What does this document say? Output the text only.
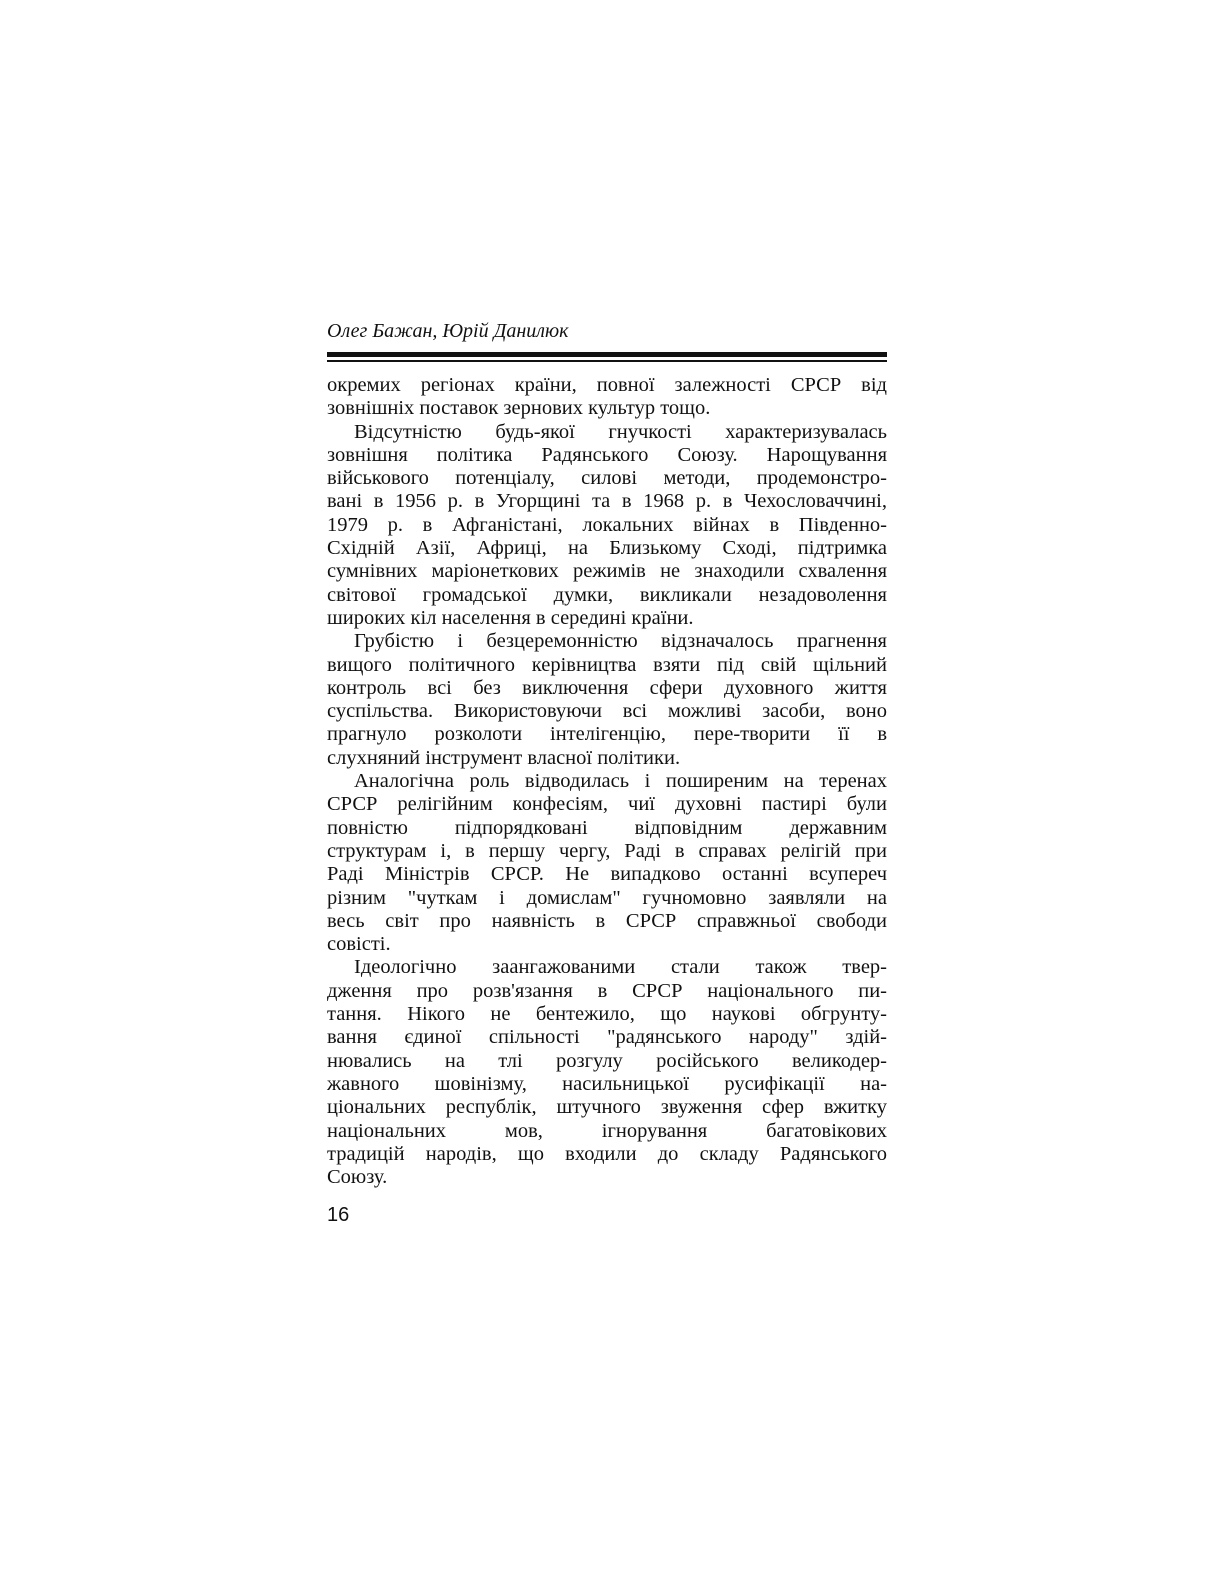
Олег Бажан, Юрій Данилюк

окремих регіонах країни, повної залежності СРСР від

зовнішніх поставок зернових культур тощо.

Відсутністю будь-якої гнучкості характеризувалась

зовнішня політика Радянського Союзу. Нарощування

військового потенціалу, силові методи, продемонстро-

вані в 1956 р. в Угорщині та в 1968 р. в Чехословаччині,

1979 р. в Афганістані, локальних війнах в Південно-

Східній Азії, Африці, на Близькому Сході, підтримка

сумнівних маріонеткових режимів не знаходили схвалення

світової громадської думки, викликали незадоволення

широких кіл населення в середині країни.

Грубістю і безцеремонністю відзначалось прагнення

вищого політичного керівництва взяти під свій щільний

контроль всі без виключення сфери духовного життя

суспільства. Використовуючи всі можливі засоби, воно

прагнуло розколоти інтелігенцію, пере-творити її в

слухняний інструмент власної політики.

Аналогічна роль відводилась і поширеним на теренах

СРСР релігійним конфесіям, чиї духовні пастирі були

повністю підпорядковані відповідним державним

структурам і, в першу чергу, Раді в справах релігій при

Раді Міністрів СРСР. Не випадково останні всупереч

різним "чуткам і домислам" гучномовно заявляли на

весь світ про наявність в СРСР справжньої свободи

совісті.

Ідеологічно заангажованими стали також твер-

дження про розв'язання в СРСР національного пи-

тання. Нікого не бентежило, що наукові обгрунту-

вання єдиної спільності "радянського народу" здій-

нювались на тлі розгулу російського великодер-

жавного шовінізму, насильницької русифікації на-

ціональних республік, штучного звуження сфер вжитку

національних мов, ігнорування багатовікових

традицій народів, що входили до складу Радянського

Союзу.

16
